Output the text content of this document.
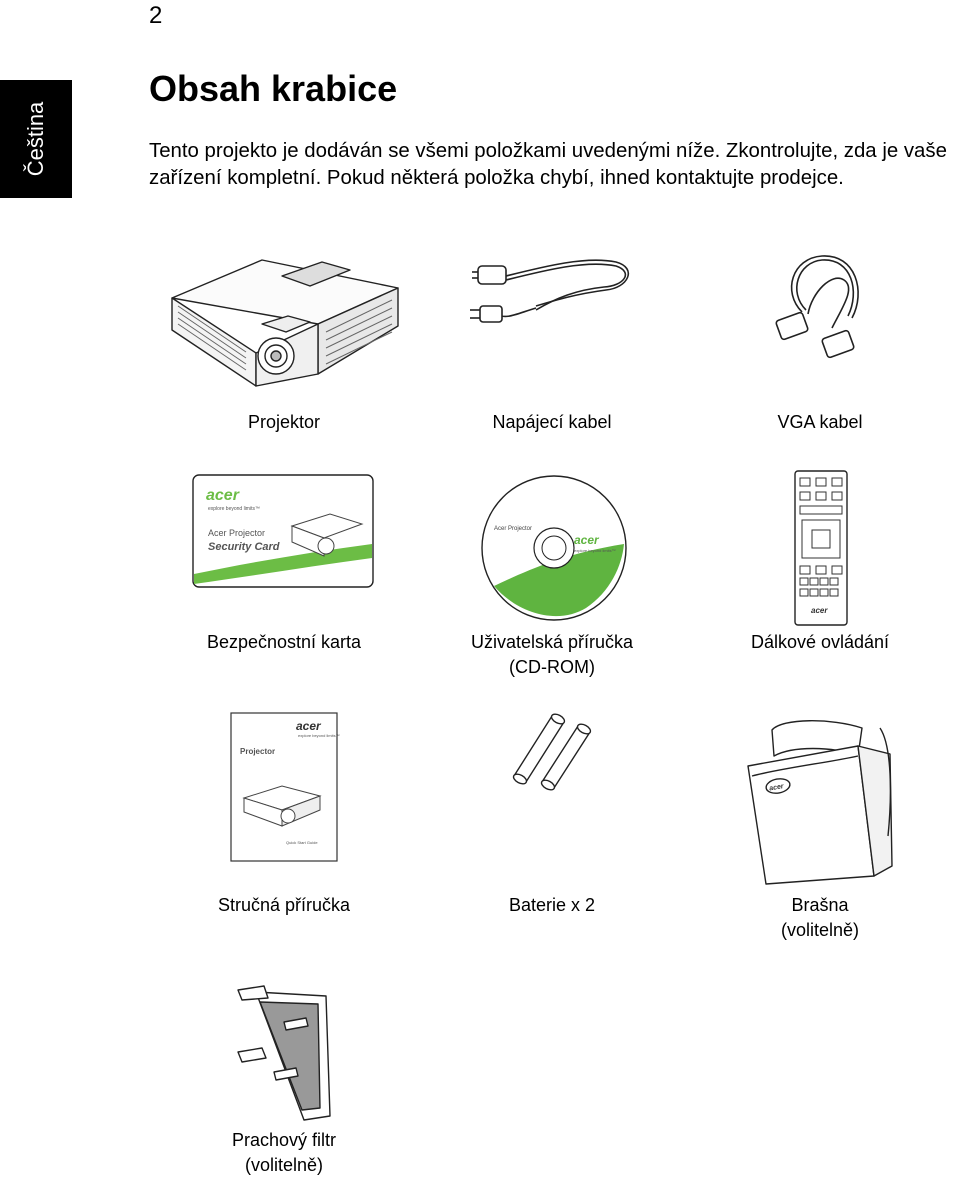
2
Čeština
Obsah krabice

Tento projekto je dodáván se všemi položkami uvedenými níže. Zkontrolujte, zda je vaše zařízení kompletní. Pokud některá položka chybí, ihned kontaktujte prodejce.

Projektor	Napájecí kabel	VGA kabel
acer
explore beyond limits™
Acer Projector
Security Card
Bezpečnostní karta
Acer Projector
acer
explore beyond limits™
Uživatelská příručka
(CD-ROM)
acer
Dálkové ovládání
acer
explore beyond limits™
Projector
Quick Start Guide
Stručná příručka	Baterie x 2
acer
Brašna
(volitelně)
Prachový filtr
(volitelně)
